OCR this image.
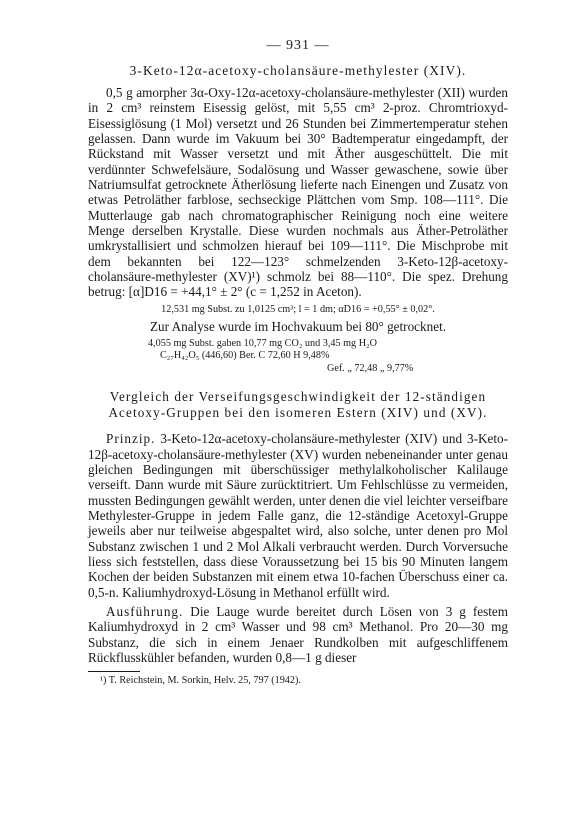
— 931 —
3-Keto-12α-acetoxy-cholansäure-methylester (XIV).

0,5 g amorpher 3α-Oxy-12α-acetoxy-cholansäure-methylester (XII) wurden in 2 cm³ reinstem Eisessig gelöst, mit 5,55 cm³ 2-proz. Chromtrioxyd-Eisessiglösung (1 Mol) versetzt und 26 Stunden bei Zimmertemperatur stehen gelassen. Dann wurde im Vakuum bei 30° Badtemperatur eingedampft, der Rückstand mit Wasser versetzt und mit Äther ausgeschüttelt. Die mit verdünnter Schwefelsäure, Sodalösung und Wasser gewaschene, sowie über Natriumsulfat getrocknete Ätherlösung lieferte nach Einengen und Zusatz von etwas Petroläther farblose, sechseckige Plättchen vom Smp. 108—111°. Die Mutterlauge gab nach chromatographischer Reinigung noch eine weitere Menge derselben Krystalle. Diese wurden nochmals aus Äther-Petroläther umkrystallisiert und schmolzen hierauf bei 109—111°. Die Mischprobe mit dem bekannten bei 122—123° schmelzenden 3-Keto-12β-acetoxy-cholansäure-methylester (XV)¹) schmolz bei 88—110°. Die spez. Drehung betrug: [α]D16 = +44,1° ± 2° (c = 1,252 in Aceton).

12,531 mg Subst. zu 1,0125 cm³; l = 1 dm; αD16 = +0,55° ± 0,02°.
Zur Analyse wurde im Hochvakuum bei 80° getrocknet.
4,055 mg Subst. gaben 10,77 mg CO₂ und 3,45 mg H₂O
C₂₇H₄₂O₅ (446,60) Ber. C 72,60 H 9,48%
Gef. „ 72,48 „ 9,77%
Vergleich der Verseifungsgeschwindigkeit der 12-ständigen Acetoxy-Gruppen bei den isomeren Estern (XIV) und (XV).

Prinzip. 3-Keto-12α-acetoxy-cholansäure-methylester (XIV) und 3-Keto-12β-acetoxy-cholansäure-methylester (XV) wurden nebeneinander unter genau gleichen Bedingungen mit überschüssiger methylalkoholischer Kalilauge verseift. Dann wurde mit Säure zurücktitriert. Um Fehlschlüsse zu vermeiden, mussten Bedingungen gewählt werden, unter denen die viel leichter verseifbare Methylester-Gruppe in jedem Falle ganz, die 12-ständige Acetoxyl-Gruppe jeweils aber nur teilweise abgespaltet wird, also solche, unter denen pro Mol Substanz zwischen 1 und 2 Mol Alkali verbraucht werden. Durch Vorversuche liess sich feststellen, dass diese Voraussetzung bei 15 bis 90 Minuten langem Kochen der beiden Substanzen mit einem etwa 10-fachen Überschuss einer ca. 0,5-n. Kaliumhydroxyd-Lösung in Methanol erfüllt wird.

Ausführung. Die Lauge wurde bereitet durch Lösen von 3 g festem Kaliumhydroxyd in 2 cm³ Wasser und 98 cm³ Methanol. Pro 20—30 mg Substanz, die sich in einem Jenaer Rundkolben mit aufgeschliffenem Rückflusskühler befanden, wurden 0,8—1 g dieser

¹) T. Reichstein, M. Sorkin, Helv. 25, 797 (1942).
